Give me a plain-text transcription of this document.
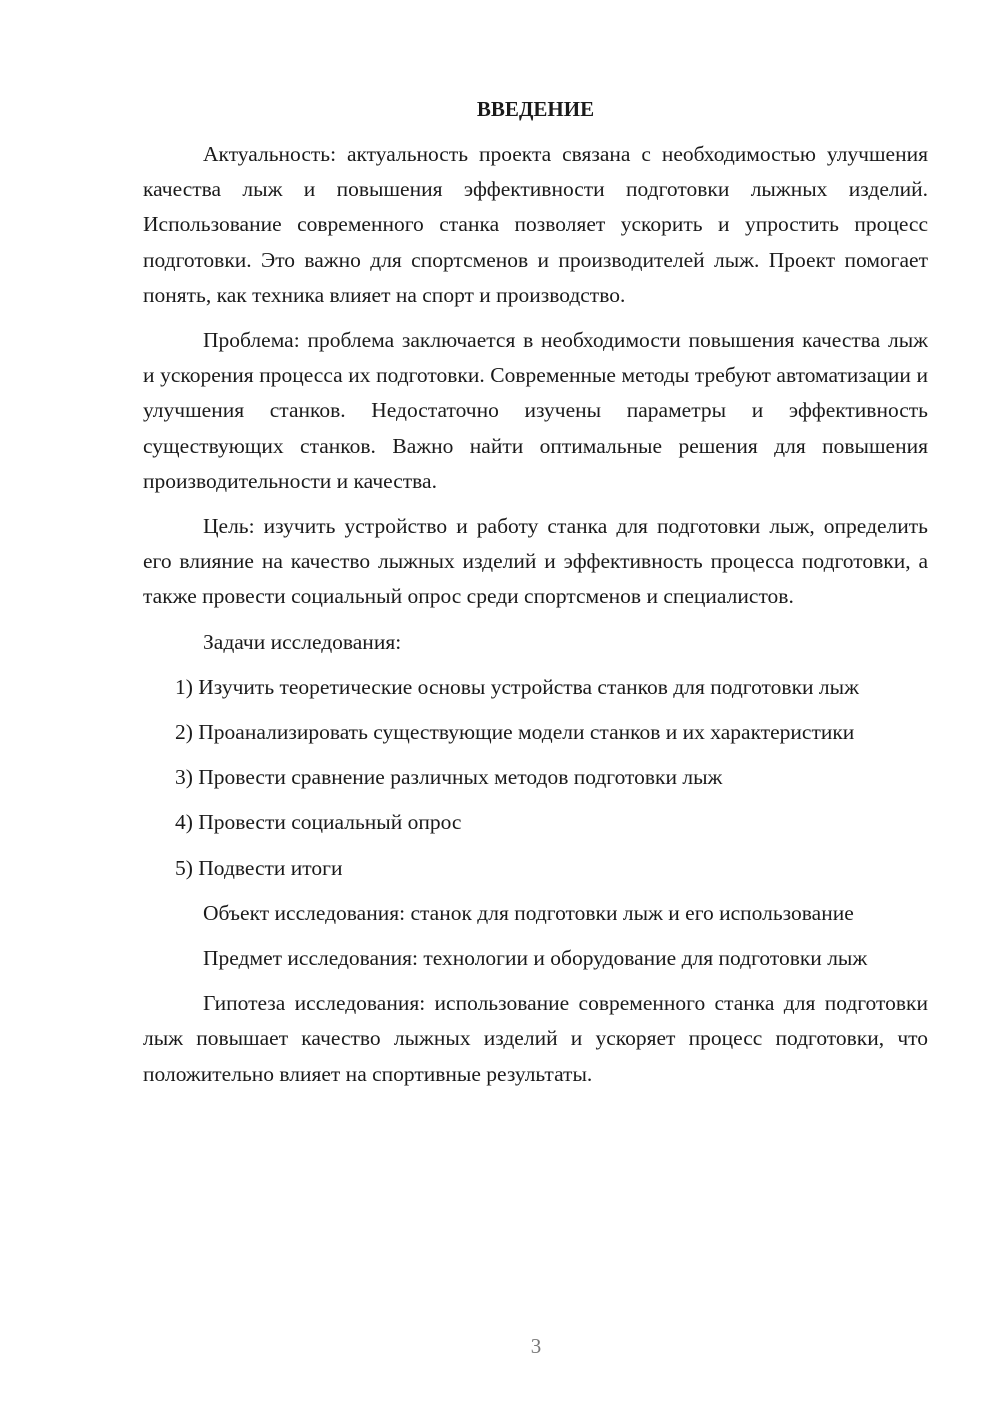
ВВЕДЕНИЕ

Актуальность: актуальность проекта связана с необходимостью улучшения качества лыж и повышения эффективности подготовки лыжных изделий. Использование современного станка позволяет ускорить и упростить процесс подготовки. Это важно для спортсменов и производителей лыж. Проект помогает понять, как техника влияет на спорт и производство.

Проблема: проблема заключается в необходимости повышения качества лыж и ускорения процесса их подготовки. Современные методы требуют автоматизации и улучшения станков. Недостаточно изучены параметры и эффективность существующих станков. Важно найти оптимальные решения для повышения производительности и качества.

Цель: изучить устройство и работу станка для подготовки лыж, определить его влияние на качество лыжных изделий и эффективность процесса подготовки, а также провести социальный опрос среди спортсменов и специалистов.

Задачи исследования:

1) Изучить теоретические основы устройства станков для подготовки лыж

2) Проанализировать существующие модели станков и их характеристики

3) Провести сравнение различных методов подготовки лыж

4) Провести социальный опрос

5) Подвести итоги

Объект исследования: станок для подготовки лыж и его использование

Предмет исследования: технологии и оборудование для подготовки лыж

Гипотеза исследования: использование современного станка для подготовки лыж повышает качество лыжных изделий и ускоряет процесс подготовки, что положительно влияет на спортивные результаты.

3
